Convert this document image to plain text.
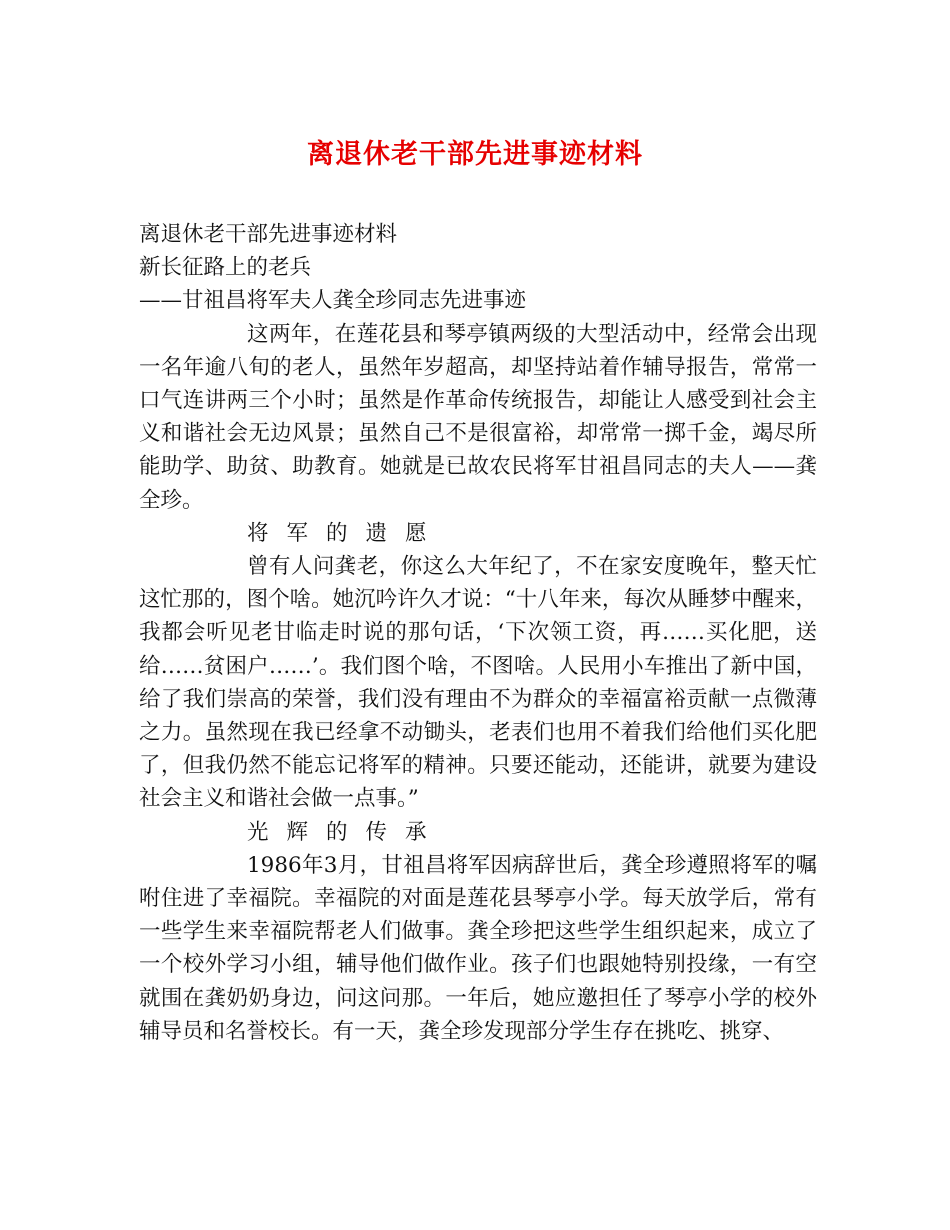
离退休老干部先进事迹材料
离退休老干部先进事迹材料
新长征路上的老兵
——甘祖昌将军夫人龚全珍同志先进事迹
这两年，在莲花县和琴亭镇两级的大型活动中，经常会出现一名年逾八旬的老人，虽然年岁超高，却坚持站着作辅导报告，常常一口气连讲两三个小时；虽然是作革命传统报告，却能让人感受到社会主义和谐社会无边风景；虽然自己不是很富裕，却常常一掷千金，竭尽所能助学、助贫、助教育。她就是已故农民将军甘祖昌同志的夫人——龚全珍。
将军的遗愿
曾有人问龚老，你这么大年纪了，不在家安度晚年，整天忙这忙那的，图个啥。她沉吟许久才说：“十八年来，每次从睡梦中醒来，我都会听见老甘临走时说的那句话，‘下次领工资，再……买化肥，送给……贫困户……’。我们图个啥，不图啥。人民用小车推出了新中国，给了我们崇高的荣誉，我们没有理由不为群众的幸福富裕贡献一点微薄之力。虽然现在我已经拿不动锄头，老表们也用不着我们给他们买化肥了，但我仍然不能忘记将军的精神。只要还能动，还能讲，就要为建设社会主义和谐社会做一点事。”
光辉的传承
1986年3月，甘祖昌将军因病辞世后，龚全珍遵照将军的嘱咐住进了幸福院。幸福院的对面是莲花县琴亭小学。每天放学后，常有一些学生来幸福院帮老人们做事。龚全珍把这些学生组织起来，成立了一个校外学习小组，辅导他们做作业。孩子们也跟她特别投缘，一有空就围在龚奶奶身边，问这问那。一年后，她应邀担任了琴亭小学的校外辅导员和名誉校长。有一天，龚全珍发现部分学生存在挑吃、挑穿、
